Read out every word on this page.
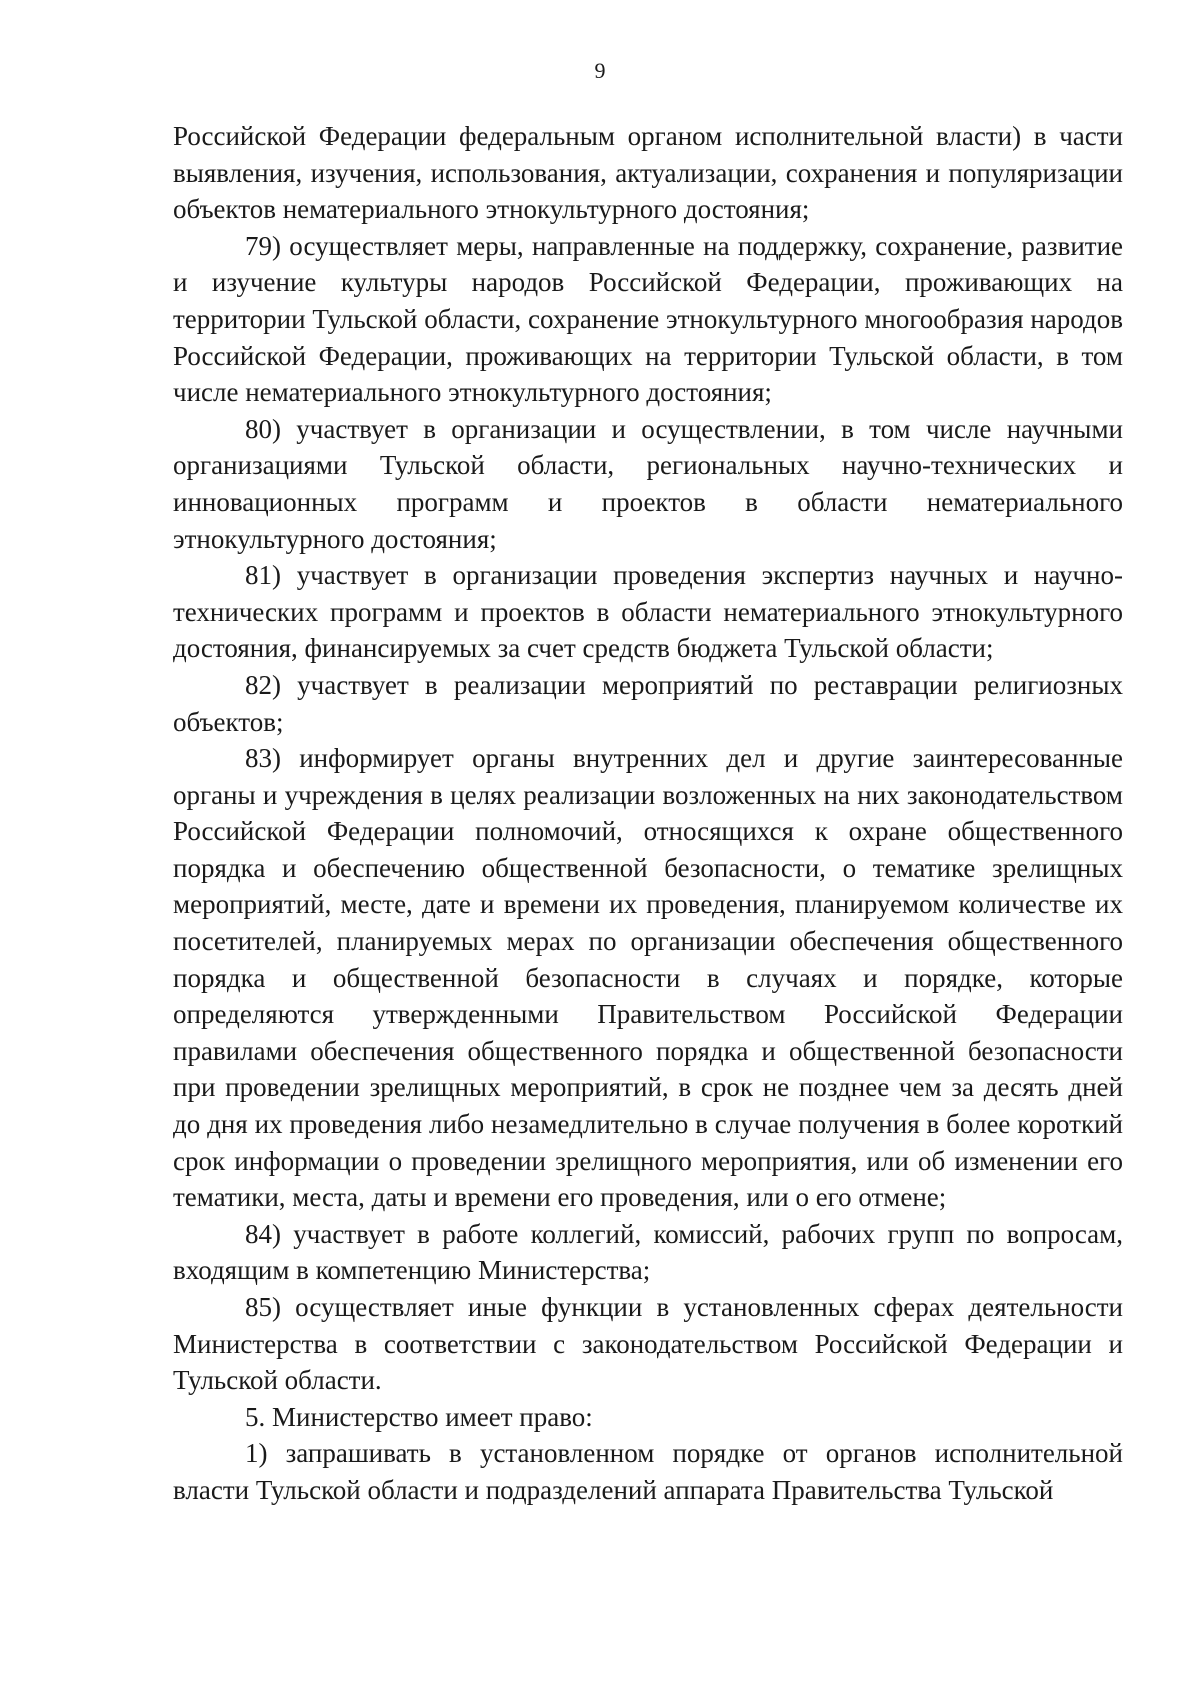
9

Российской Федерации федеральным органом исполнительной власти) в части выявления, изучения, использования, актуализации, сохранения и популяризации объектов нематериального этнокультурного достояния;

79) осуществляет меры, направленные на поддержку, сохранение, развитие и изучение культуры народов Российской Федерации, проживающих на территории Тульской области, сохранение этнокультурного многообразия народов Российской Федерации, проживающих на территории Тульской области, в том числе нематериального этнокультурного достояния;

80) участвует в организации и осуществлении, в том числе научными организациями Тульской области, региональных научно-технических и инновационных программ и проектов в области нематериального этнокультурного достояния;

81) участвует в организации проведения экспертиз научных и научно-технических программ и проектов в области нематериального этнокультурного достояния, финансируемых за счет средств бюджета Тульской области;

82) участвует в реализации мероприятий по реставрации религиозных объектов;

83) информирует органы внутренних дел и другие заинтересованные органы и учреждения в целях реализации возложенных на них законодательством Российской Федерации полномочий, относящихся к охране общественного порядка и обеспечению общественной безопасности, о тематике зрелищных мероприятий, месте, дате и времени их проведения, планируемом количестве их посетителей, планируемых мерах по организации обеспечения общественного порядка и общественной безопасности в случаях и порядке, которые определяются утвержденными Правительством Российской Федерации правилами обеспечения общественного порядка и общественной безопасности при проведении зрелищных мероприятий, в срок не позднее чем за десять дней до дня их проведения либо незамедлительно в случае получения в более короткий срок информации о проведении зрелищного мероприятия, или об изменении его тематики, места, даты и времени его проведения, или о его отмене;

84) участвует в работе коллегий, комиссий, рабочих групп по вопросам, входящим в компетенцию Министерства;

85) осуществляет иные функции в установленных сферах деятельности Министерства в соответствии с законодательством Российской Федерации и Тульской области.

5. Министерство имеет право:

1) запрашивать в установленном порядке от органов исполнительной власти Тульской области и подразделений аппарата Правительства Тульской
